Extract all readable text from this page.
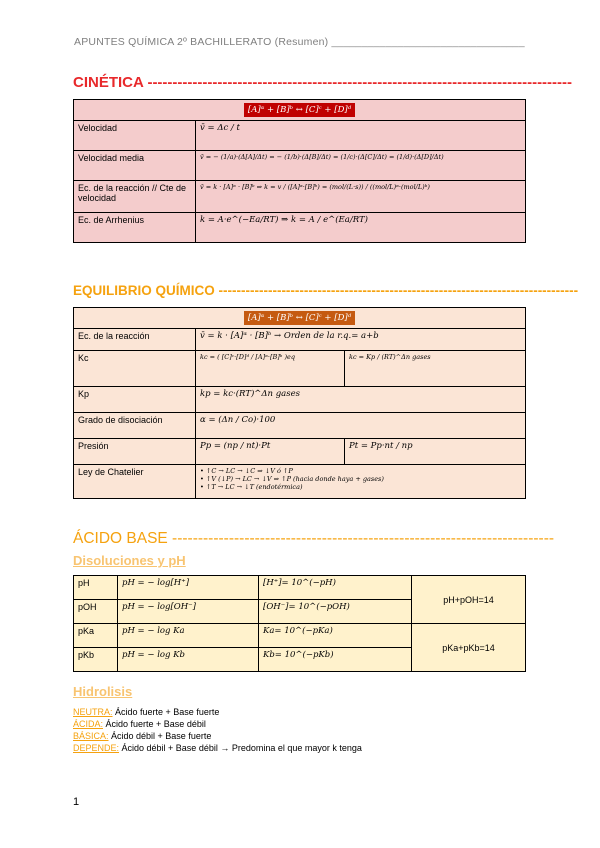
APUNTES QUÍMICA 2º BACHILLERATO (Resumen) ________________________________
CINÉTICA -------------------------------------------------------------------------------------
[A]ᵅ + [B]ᵇ ↔ [C]ᶜ + [D]ᵈ	
Velocidad	v̄ = Δc / t
Velocidad media	v̄ = − (1/a)·(Δ[A]/Δt) = − (1/b)·(Δ[B]/Δt) = (1/c)·(Δ[C]/Δt) = (1/d)·(Δ[D]/Δt)
Ec. de la reacción // Cte de velocidad	v̄ = k · [A]ᵅ · [B]ᵇ ⇒ k = v / ([A]ᵅ·[B]ᵇ) = (mol/(L·s)) / ((mol/L)ᵅ·(mol/L)ᵇ)
Ec. de Arrhenius	k = A·e^(−Ea/RT) ⇒ k = A / e^(Ea/RT)
EQUILIBRIO QUÍMICO --------------------------------------------------------------------------------
[A]ᵅ + [B]ᵇ ↔ [C]ᶜ + [D]ᵈ		
Ec. de la reacción	v̄ = k · [A]ᵅ · [B]ᵇ → Orden de la r.q.= a+b	
Kc	kc = ( [C]ᶜ·[D]ᵈ / [A]ᵅ·[B]ᵇ )eq	kc = Kp / (RT)^Δn gases
Kp	kp = kc·(RT)^Δn gases	
Grado de disociación	α = (Δn / Co)·100	
Presión	Pp = (np / nt)·Pt	Pt = Pp·nt / np
Ley de Chatelier	• ↑C → LC → ↓C ⇒ ↓V ó ↑P
• ↑V (↓P) → LC → ↓V ⇒ ↑P (hacia donde haya + gases)
• ↑T → LC → ↓T (endotérmica)	
ÁCIDO BASE --------------------------------------------------------------------------
Disoluciones y pH
pH	pH = − log[H⁺]	[H⁺]= 10^(−pH)	pH+pOH=14
pOH	pH = − log[OH⁻]	[OH⁻]= 10^(−pOH)	
pKa	pH = − log Ka	Ka= 10^(−pKa)	pKa+pKb=14
pKb	pH = − log Kb	Kb= 10^(−pKb)	
Hidrolisis
NEUTRA: Ácido fuerte + Base fuerte
ÁCIDA: Ácido fuerte + Base débil
BÁSICA: Ácido débil + Base fuerte
DEPENDE: Ácido débil + Base débil → Predomina el que mayor k tenga
1
